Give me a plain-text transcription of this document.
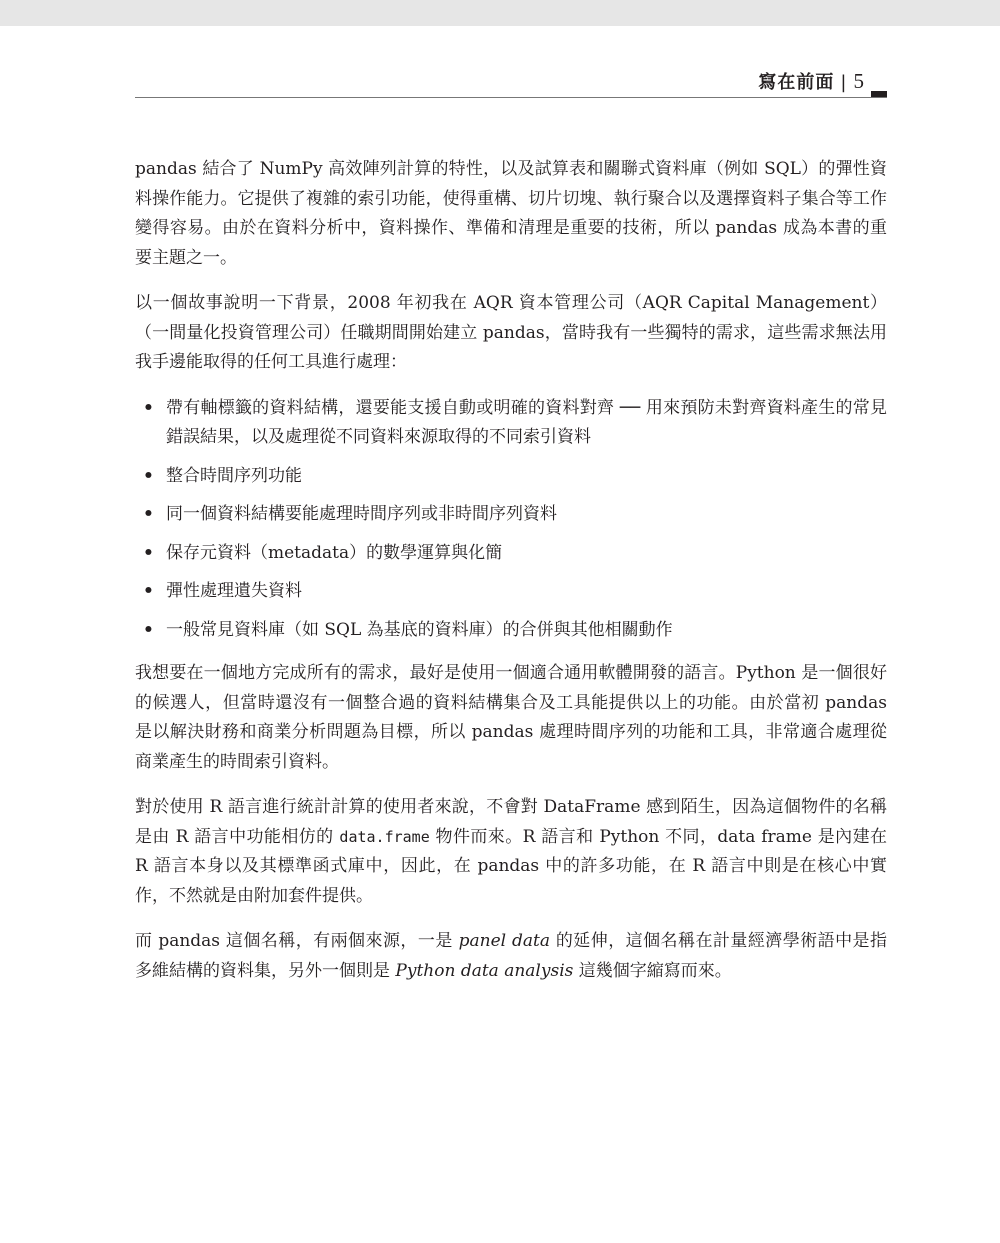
寫在前面 | 5

pandas 結合了 NumPy 高效陣列計算的特性，以及試算表和關聯式資料庫（例如 SQL）的彈性資料操作能力。它提供了複雜的索引功能，使得重構、切片切塊、執行聚合以及選擇資料子集合等工作變得容易。由於在資料分析中，資料操作、準備和清理是重要的技術，所以 pandas 成為本書的重要主題之一。

以一個故事說明一下背景，2008 年初我在 AQR 資本管理公司（AQR Capital Management）（一間量化投資管理公司）任職期間開始建立 pandas，當時我有一些獨特的需求，這些需求無法用我手邊能取得的任何工具進行處理：

• 帶有軸標籤的資料結構，還要能支援自動或明確的資料對齊 ── 用來預防未對齊資料產生的常見錯誤結果，以及處理從不同資料來源取得的不同索引資料
• 整合時間序列功能
• 同一個資料結構要能處理時間序列或非時間序列資料
• 保存元資料（metadata）的數學運算與化簡
• 彈性處理遺失資料
• 一般常見資料庫（如 SQL 為基底的資料庫）的合併與其他相關動作

我想要在一個地方完成所有的需求，最好是使用一個適合通用軟體開發的語言。Python 是一個很好的候選人，但當時還沒有一個整合過的資料結構集合及工具能提供以上的功能。由於當初 pandas 是以解決財務和商業分析問題為目標，所以 pandas 處理時間序列的功能和工具，非常適合處理從商業產生的時間索引資料。

對於使用 R 語言進行統計計算的使用者來說，不會對 DataFrame 感到陌生，因為這個物件的名稱是由 R 語言中功能相仿的 data.frame 物件而來。R 語言和 Python 不同，data frame 是內建在 R 語言本身以及其標準函式庫中，因此，在 pandas 中的許多功能，在 R 語言中則是在核心中實作，不然就是由附加套件提供。

而 pandas 這個名稱，有兩個來源，一是 panel data 的延伸，這個名稱在計量經濟學術語中是指多維結構的資料集，另外一個則是 Python data analysis 這幾個字縮寫而來。
